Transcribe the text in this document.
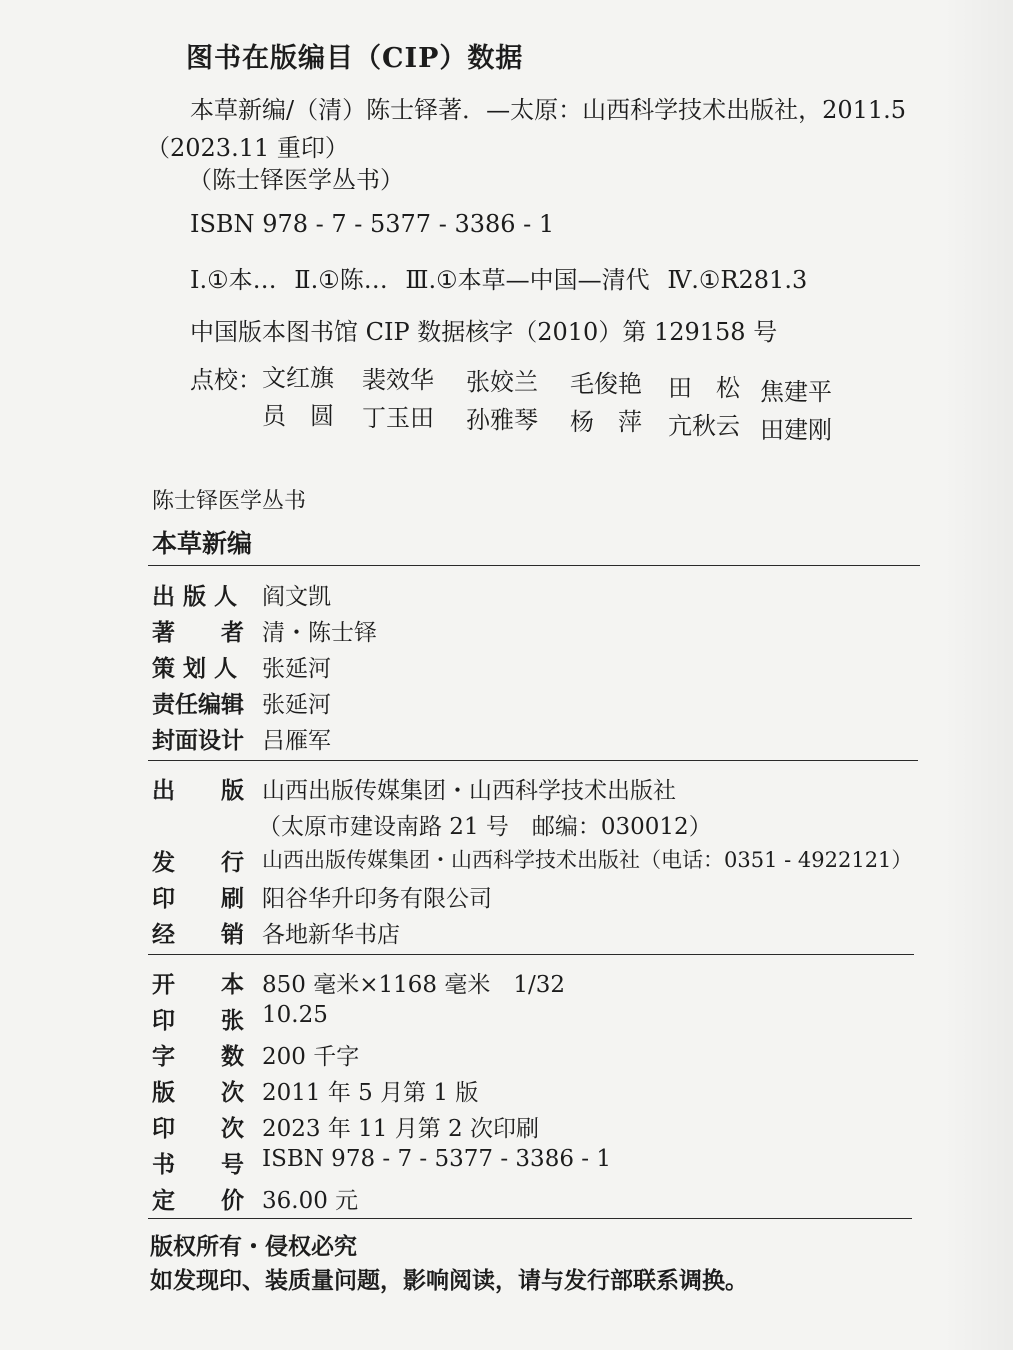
图书在版编目（CIP）数据
本草新编/（清）陈士铎著．—太原：山西科学技术出版社，2011.5
（2023.11 重印）
（陈士铎医学丛书）
ISBN 978 - 7 - 5377 - 3386 - 1
Ⅰ.①本… Ⅱ.①陈… Ⅲ.①本草—中国—清代 Ⅳ.①R281.3
中国版本图书馆 CIP 数据核字（2010）第 129158 号
点校： 文红旗 裴效华 张姣兰 毛俊艳 田　松 焦建平
员　圆 丁玉田 孙雅琴 杨　萍 亢秋云 田建刚
陈士铎医学丛书
本草新编
出 版 人 阎文凯
著　　者 清・陈士铎
策 划 人 张延河
责任编辑 张延河
封面设计 吕雁军
出　　版 山西出版传媒集团・山西科学技术出版社
（太原市建设南路 21 号　邮编：030012）
发　　行 山西出版传媒集团・山西科学技术出版社（电话：0351 - 4922121）
印　　刷 阳谷华升印务有限公司
经　　销 各地新华书店
开　　本 850 毫米×1168 毫米　1/32
印　　张 10.25
字　　数 200 千字
版　　次 2011 年 5 月第 1 版
印　　次 2023 年 11 月第 2 次印刷
书　　号 ISBN 978 - 7 - 5377 - 3386 - 1
定　　价 36.00 元
版权所有・侵权必究
如发现印、装质量问题，影响阅读，请与发行部联系调换。
